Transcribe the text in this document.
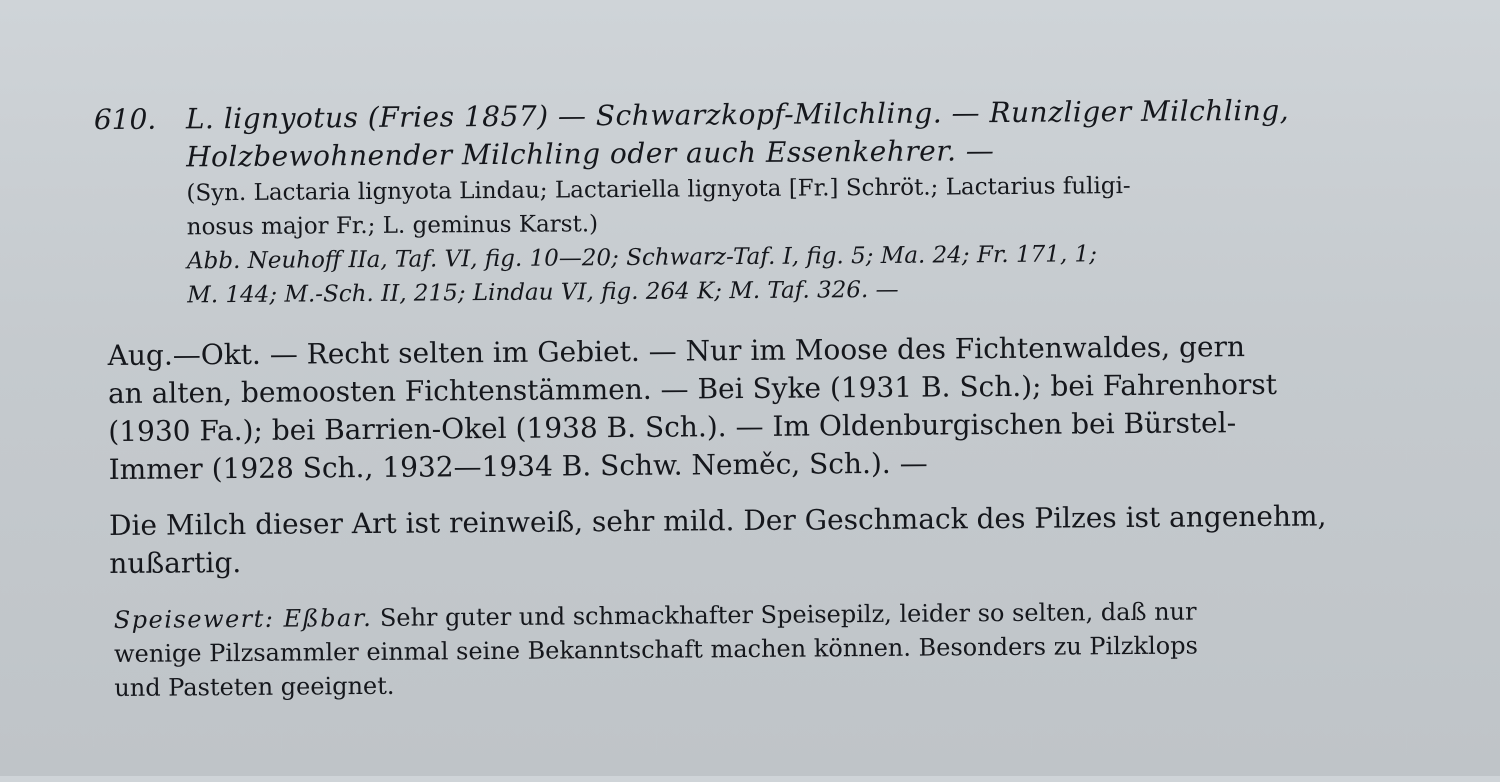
610. L. lignyotus (Fries 1857) — Schwarzkopf-Milchling. — Runzliger Milchling,
Holzbewohnender Milchling oder auch Essenkehrer. —
(Syn. Lactaria lignyota Lindau; Lactariella lignyota [Fr.] Schröt.; Lactarius fuligi-
nosus major Fr.; L. geminus Karst.)
Abb. Neuhoff IIa, Taf. VI, fig. 10—20; Schwarz-Taf. I, fig. 5; Ma. 24; Fr. 171, 1;
M. 144; M.-Sch. II, 215; Lindau VI, fig. 264 K; M. Taf. 326. —
Aug.—Okt. — Recht selten im Gebiet. — Nur im Moose des Fichtenwaldes, gern
an alten, bemoosten Fichtenstämmen. — Bei Syke (1931 B. Sch.); bei Fahrenhorst
(1930 Fa.); bei Barrien-Okel (1938 B. Sch.). — Im Oldenburgischen bei Bürstel-
Immer (1928 Sch., 1932—1934 B. Schw. Neměc, Sch.). —
Die Milch dieser Art ist reinweiß, sehr mild. Der Geschmack des Pilzes ist angenehm,
nußartig.
Speisewert: Eßbar. Sehr guter und schmackhafter Speisepilz, leider so selten, daß nur
wenige Pilzsammler einmal seine Bekanntschaft machen können. Besonders zu Pilzklops
und Pasteten geeignet.
